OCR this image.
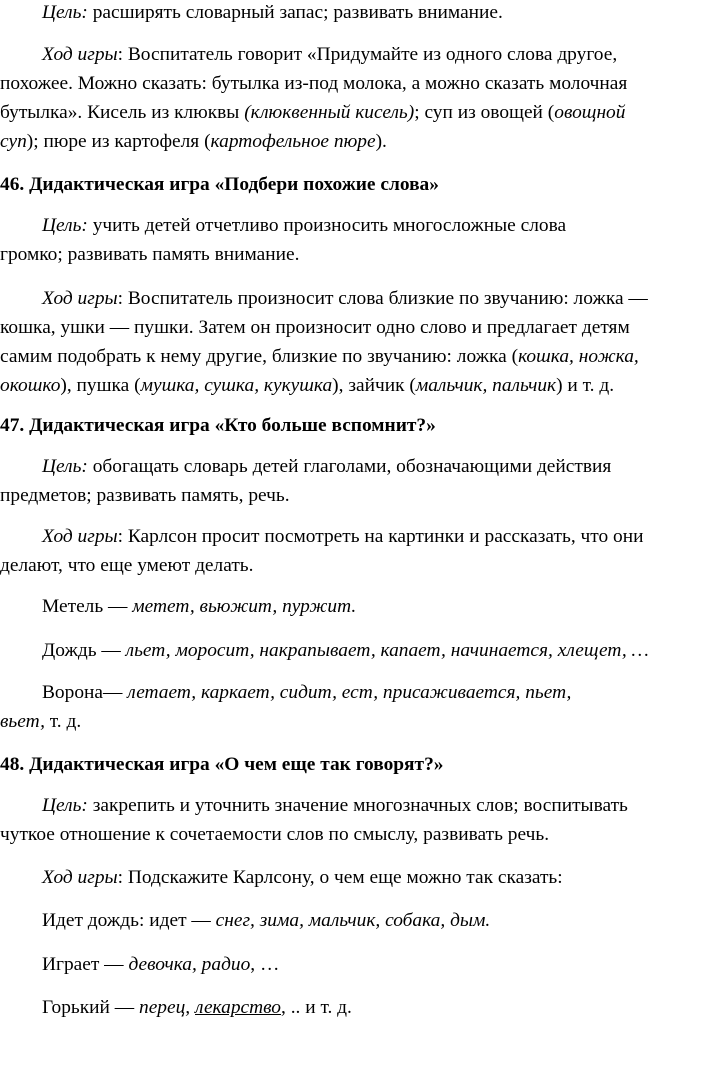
Цель: расширять словарный запас; развивать внимание.
Ход игры: Воспитатель говорит «Придумайте из одного слова другое,
похожее. Можно сказать: бутылка из-под молока, а можно сказать молочная
бутылка». Кисель из клюквы (клюквенный кисель); суп из овощей (овощной
суп); пюре из картофеля (картофельное пюре).
46. Дидактическая игра «Подбери похожие слова»
Цель: учить детей отчетливо произносить многосложные слова
громко; развивать память внимание.
Ход игры: Воспитатель произносит слова близкие по звучанию: ложка —
кошка, ушки — пушки. Затем он произносит одно слово и предлагает детям
самим подобрать к нему другие, близкие по звучанию: ложка (кошка, ножка,
окошко), пушка (мушка, сушка, кукушка), зайчик (мальчик, пальчик) и т. д.
47. Дидактическая игра «Кто больше вспомнит?»
Цель: обогащать словарь детей глаголами, обозначающими действия
предметов; развивать память, речь.
Ход игры: Карлсон просит посмотреть на картинки и рассказать, что они
делают, что еще умеют делать.
Метель — метет, вьюжит, пуржит.
Дождь — льет, моросит, накрапывает, капает, начинается, хлещет, …
Ворона— летает, каркает, сидит, ест, присаживается, пьет,
вьет, т. д.
48. Дидактическая игра «О чем еще так говорят?»
Цель: закрепить и уточнить значение многозначных слов; воспитывать
чуткое отношение к сочетаемости слов по смыслу, развивать речь.
Ход игры: Подскажите Карлсону, о чем еще можно так сказать:
Идет дождь: идет — снег, зима, мальчик, собака, дым.
Играет — девочка, радио, …
Горький — перец, лекарство, .. и т. д.
